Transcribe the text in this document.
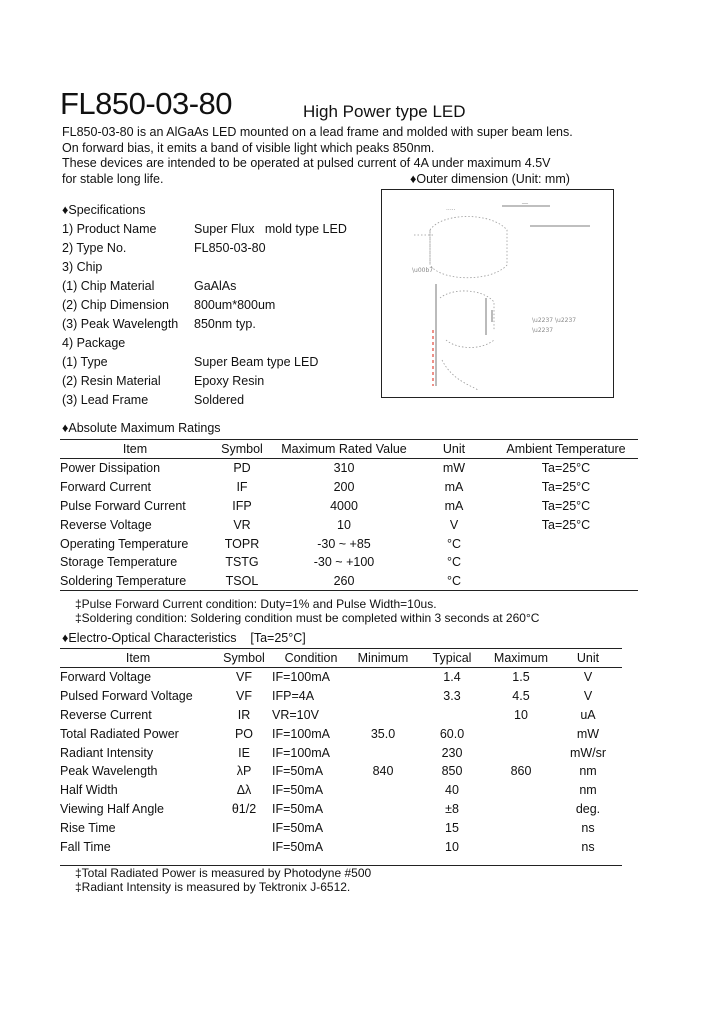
FL850-03-80	High Power type LED
FL850-03-80 is an AlGaAs LED mounted on a lead frame and molded with super beam lens.
On forward bias, it emits a band of visible light which peaks 850nm.
These devices are intended to be operated at pulsed current of 4A under maximum 4.5V
for stable long life.	♦Outer dimension (Unit: mm)
.....
__
\u2237 \u2237
\u2237
\u00b7
♦Specifications
1) Product Name	Super Flux   mold type LED
2) Type No.	FL850-03-80
3) Chip
(1) Chip Material	GaAlAs
(2) Chip Dimension 800um*800um
(3) Peak Wavelength 850nm typ.
4) Package
(1) Type	Super Beam type LED
(2) Resin Material	Epoxy Resin
(3) Lead Frame	Soldered
♦Absolute Maximum Ratings
Item	Symbol	Maximum Rated Value	Unit	Ambient Temperature
Power Dissipation	PD	310	mW	Ta=25°C
Forward Current	IF	200	mA	Ta=25°C
Pulse Forward Current	IFP	4000	mA	Ta=25°C
Reverse Voltage	VR	10	V	Ta=25°C
Operating Temperature	TOPR	-30 ~ +85	°C	
Storage Temperature	TSTG	-30 ~ +100	°C	
Soldering Temperature	TSOL	260	°C	
‡Pulse Forward Current condition: Duty=1% and Pulse Width=10us.
‡Soldering condition: Soldering condition must be completed within 3 seconds at 260°C
♦Electro-Optical Characteristics    [Ta=25°C]
Item	Symbol	Condition	Minimum	Typical	Maximum	Unit
Forward Voltage	VF	IF=100mA		1.4	1.5	V
Pulsed Forward Voltage	VF	IFP=4A		3.3	4.5	V
Reverse Current	IR	VR=10V			10	uA
Total Radiated Power	PO	IF=100mA	35.0	60.0		mW
Radiant Intensity	IE	IF=100mA		230		mW/sr
Peak Wavelength	λP	IF=50mA	840	850	860	nm
Half Width	Δλ	IF=50mA		40		nm
Viewing Half Angle	θ1/2	IF=50mA		±8		deg.
Rise Time		IF=50mA		15		ns
Fall Time		IF=50mA		10		ns
‡Total Radiated Power is measured by Photodyne #500
‡Radiant Intensity is measured by Tektronix J-6512.
